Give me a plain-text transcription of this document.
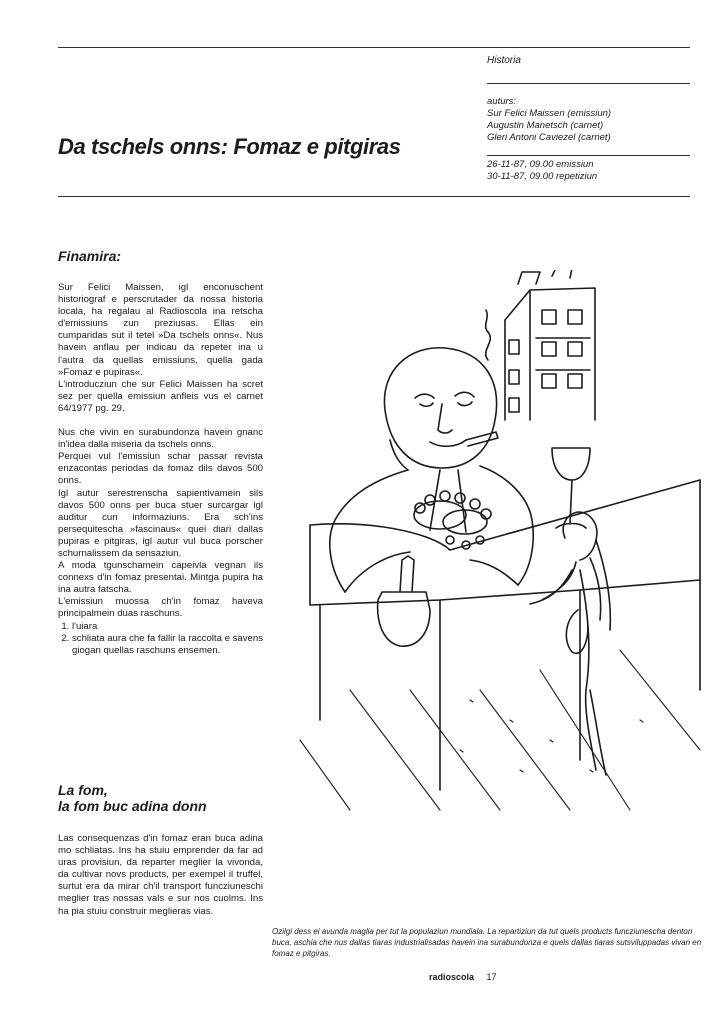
Historia
auturs:
Sur Felici Maissen (emissiun)
Augustin Manetsch (carnet)
Gleri Antoni Caviezel (carnet)
26-11-87, 09.00 emissiun
30-11-87, 09.00 repetiziun
Da tschels onns: Fomaz e pitgiras
Finamira:

Sur Felici Maissen, igl enconuschent historiograf e perscrutader da nossa historia locala, ha regalau al Radioscola ina retscha d'emissiuns zun preziusas. Ellas ein cumparidas sut il tetel »Da tschels onns«. Nus havein anflau per indicau da repeter ina u l'autra da quellas emissiuns, quella gada »Fomaz e pupiras«.

L'introducziun che sur Felici Maissen ha scret sez per quella emissiun anfleis vus el carnet 64/1977 pg. 29.

Nus che vivin en surabundonza havein gnanc in'idea dalla miseria da tschels onns.

Perquei vul l'emissiun schar passar revista enzacontas periodas da fomaz dils davos 500 onns.

Igl autur serestrenscha sapientivamein sils davos 500 onns per buca stuer surcargar igl auditur cun informaziuns. Era sch'ins persequitescha »fascinaus« quei diari dallas pupiras e pitgiras, igl autur vul buca porscher schurnalissem da sensaziun.

A moda tgunschamein capeivla vegnan ils connexs d'in fomaz presentai. Mintga pupira ha ina autra fatscha.

L'emissiun muossa ch'in fomaz haveva principalmein duas raschuns.

1. l'uiara
2. schliata aura che fa fallir la raccolta e savens giogan quellas raschuns ensemen.
La fom,
la fom buc adina donn

Las consequenzas d'in fomaz eran buca adina mo schliatas. Ins ha stuiu emprender da far ad uras provisiun, da reparter meglier la vivonda, da cultivar novs products, per exempel il truffel, surtut era da mirar ch'il transport funcziuneschi meglier tras nossas vals e sur nos cuolms. Ins ha pia stuiu construir meglieras vias.

Ozilgi dess ei avunda maglia per tut la populaziun mundiala. La repartiziun da tut quels products funcziunescha denton buca, aschia che nus dallas tiaras industrialisadas havein ina surabundonza e quels dallas tiaras sutsviluppadas vivan en fomaz e pitgiras.
radioscola 17
